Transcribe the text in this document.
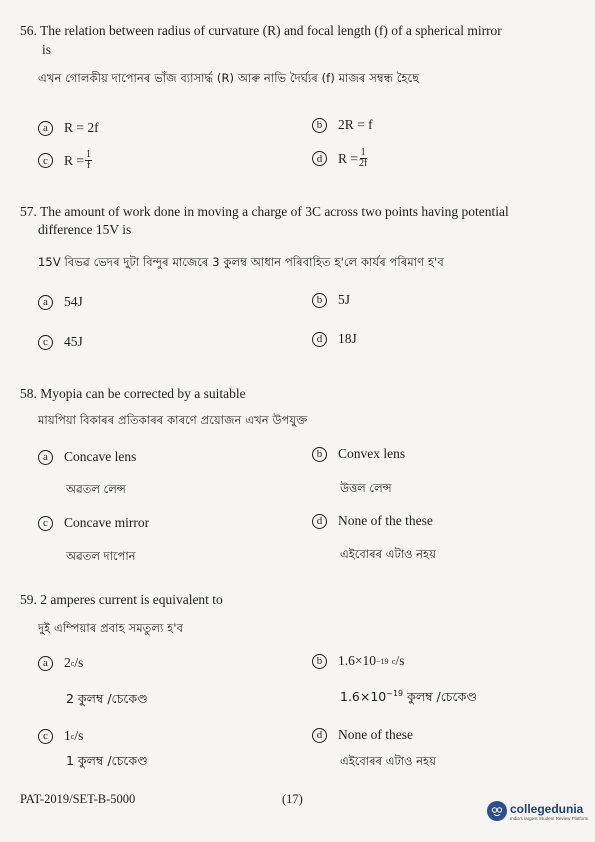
56. The relation between radius of curvature (R) and focal length (f) of a spherical mirror
is
এখন গোলকীয় দাপোনৰ ভাঁজ ব্যাসাৰ্দ্ধ (R) আৰু নাভি দৈৰ্ঘ্যৰ (f) মাজৰ সম্বন্ধ হৈছে
a	R = 2f	b	2R = f
c	$R = \frac{1}{f}$	d	$R = \frac{1}{2f}$
57. The amount of work done in moving a charge of 3C across two points having potential
difference 15V is
15V বিভৱ ভেদৰ দুটা বিন্দুৰ মাজেৰে 3 কুলম্ব আধান পৰিবাহিত হ'লে কাৰ্যৰ পৰিমাণ হ'ব
a	54J	b	5J
c	45J	d	18J
58. Myopia can be corrected by a suitable
মায়পিয়া বিকাৰৰ প্ৰতিকাৰৰ কাৰণে প্ৰয়োজন এখন উপযুক্ত
a	Concave lens	b	Convex lens
অৱতল লেন্স	উত্তল লেন্স
c	Concave mirror	d	None of the these
অৱতল দাপোন	এইবোৰৰ এটাও নহয়
59. 2 amperes current is equivalent to
দুই এম্পিয়াৰ প্ৰবাহ সমতুল্য হ'ব
a	2 c /s	b	1.6×10 −19
c /s
2 কুলম্ব /চেকেণ্ড	$1.6\times 10^{-19}$ কুলম্ব /চেকেণ্ড
c	1 c /s	d	None of these
1 কুলম্ব /চেকেণ্ড	এইবোৰৰ এটাও নহয়
PAT-2019/SET-B-5000	(17)
collegedunia
India's largest Student Review Platform
